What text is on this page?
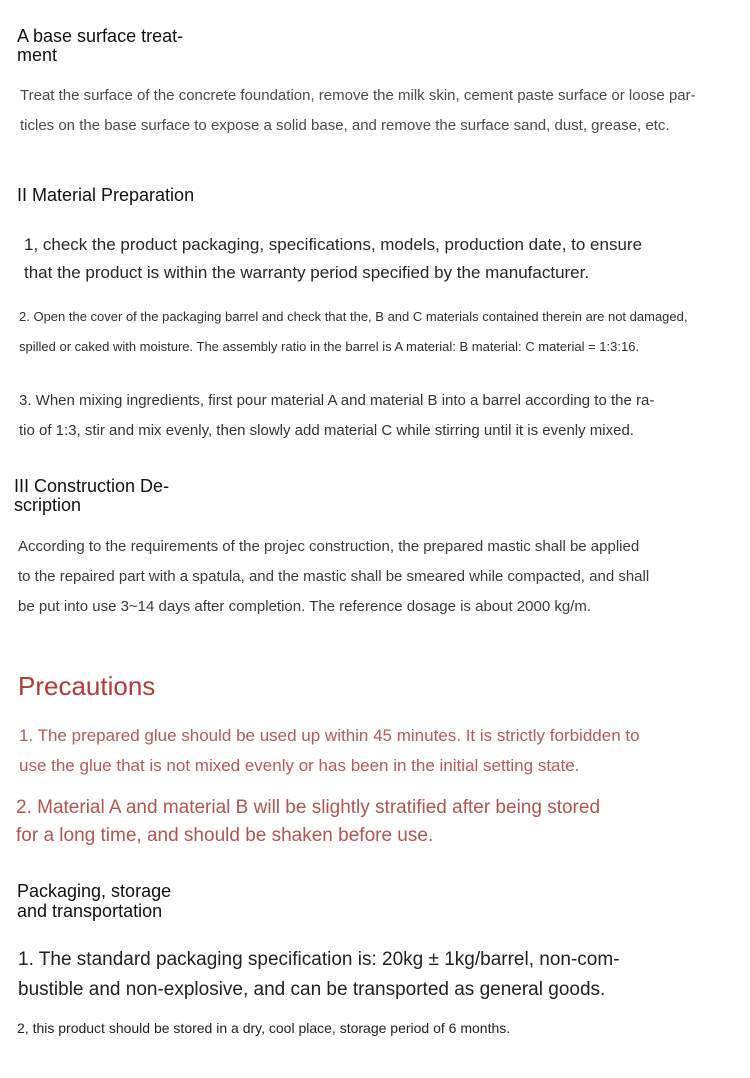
A base surface treat-
ment
Treat the surface of the concrete foundation, remove the milk skin, cement paste surface or loose par-
ticles on the base surface to expose a solid base, and remove the surface sand, dust, grease, etc.
II Material Preparation
1, check the product packaging, specifications, models, production date, to ensure
that the product is within the warranty period specified by the manufacturer.
2. Open the cover of the packaging barrel and check that the, B and C materials contained therein are not damaged,
spilled or caked with moisture. The assembly ratio in the barrel is A material: B material: C material = 1:3:16.
3. When mixing ingredients, first pour material A and material B into a barrel according to the ra-
tio of 1:3, stir and mix evenly, then slowly add material C while stirring until it is evenly mixed.
III Construction De-
scription
According to the requirements of the projec construction, the prepared mastic shall be applied
to the repaired part with a spatula, and the mastic shall be smeared while compacted, and shall
be put into use 3~14 days after completion. The reference dosage is about 2000 kg/m.
Precautions
1. The prepared glue should be used up within 45 minutes. It is strictly forbidden to
use the glue that is not mixed evenly or has been in the initial setting state.
2. Material A and material B will be slightly stratified after being stored
for a long time, and should be shaken before use.
Packaging, storage
and transportation
1. The standard packaging specification is: 20kg ± 1kg/barrel, non-com-
bustible and non-explosive, and can be transported as general goods.
2, this product should be stored in a dry, cool place, storage period of 6 months.
